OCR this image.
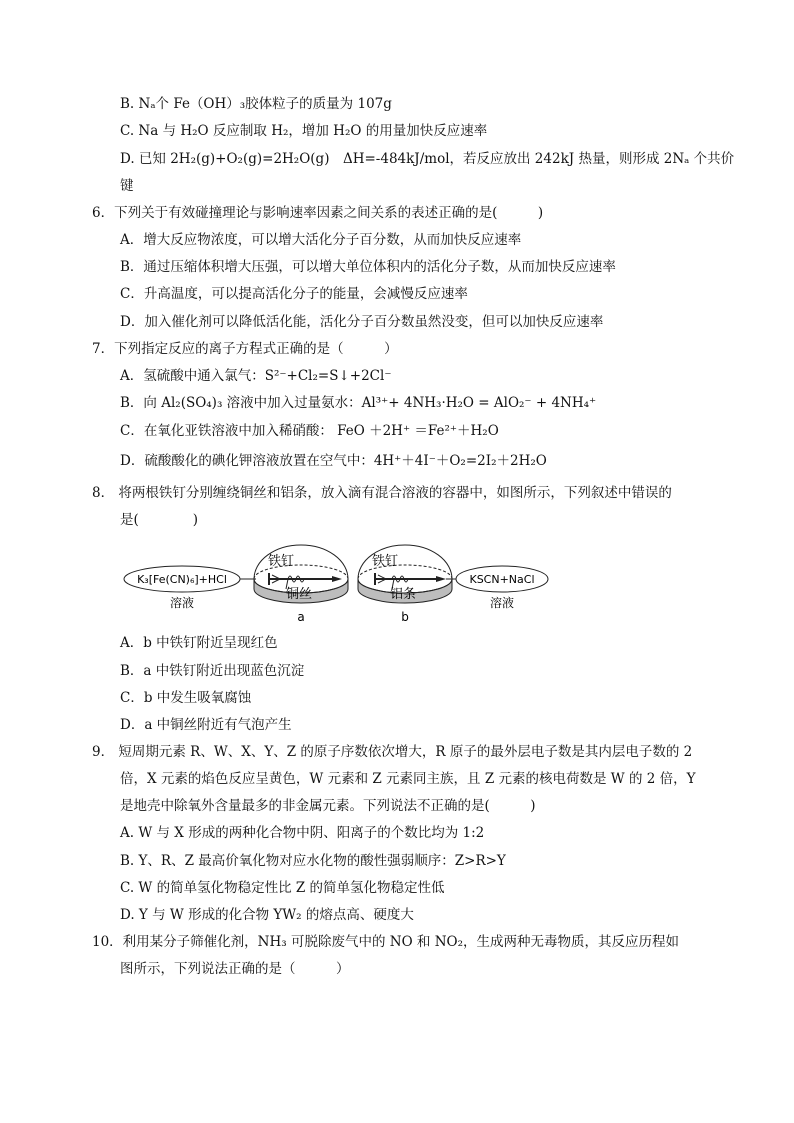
B. Nₐ个 Fe（OH）₃胶体粒子的质量为 107g
C. Na 与 H₂O 反应制取 H₂，增加 H₂O 的用量加快反应速率
D. 已知 2H₂(g)+O₂(g)=2H₂O(g)　ΔH=-484kJ/mol，若反应放出 242kJ 热量，则形成 2Nₐ 个共价
键
6．下列关于有效碰撞理论与影响速率因素之间关系的表述正确的是(　　　)
A．增大反应物浓度，可以增大活化分子百分数，从而加快反应速率
B．通过压缩体积增大压强，可以增大单位体积内的活化分子数，从而加快反应速率
C．升高温度，可以提高活化分子的能量，会减慢反应速率
D．加入催化剂可以降低活化能，活化分子百分数虽然没变，但可以加快反应速率
7．下列指定反应的离子方程式正确的是（　　　）
A．氢硫酸中通入氯气：S²⁻+Cl₂=S↓+2Cl⁻
B．向 Al₂(SO₄)₃ 溶液中加入过量氨水：Al³⁺+ 4NH₃·H₂O = AlO₂⁻ + 4NH₄⁺
C．在氧化亚铁溶液中加入稀硝酸： FeO ＋2H⁺ ＝Fe²⁺＋H₂O
D．硫酸酸化的碘化钾溶液放置在空气中：4H⁺＋4I⁻＋O₂=2I₂＋2H₂O
8． 将两根铁钉分别缠绕铜丝和铝条，放入滴有混合溶液的容器中，如图所示，下列叙述中错误的
是(　　　　)
K₃[Fe(CN)₆]+HCl
溶液
铁钉
铜丝
a
铁钉
铝条
b
KSCN+NaCl
溶液
A．b 中铁钉附近呈现红色
B．a 中铁钉附近出现蓝色沉淀
C．b 中发生吸氧腐蚀
D．a 中铜丝附近有气泡产生
9． 短周期元素 R、W、X、Y、Z 的原子序数依次增大，R 原子的最外层电子数是其内层电子数的 2
倍，X 元素的焰色反应呈黄色，W 元素和 Z 元素同主族，且 Z 元素的核电荷数是 W 的 2 倍，Y
是地壳中除氧外含量最多的非金属元素。下列说法不正确的是(　　　)
A. W 与 X 形成的两种化合物中阴、阳离子的个数比均为 1:2
B. Y、R、Z 最高价氧化物对应水化物的酸性强弱顺序：Z>R>Y
C. W 的简单氢化物稳定性比 Z 的简单氢化物稳定性低
D. Y 与 W 形成的化合物 YW₂ 的熔点高、硬度大
10．利用某分子筛催化剂，NH₃ 可脱除废气中的 NO 和 NO₂，生成两种无毒物质，其反应历程如
图所示，下列说法正确的是（　　　）
